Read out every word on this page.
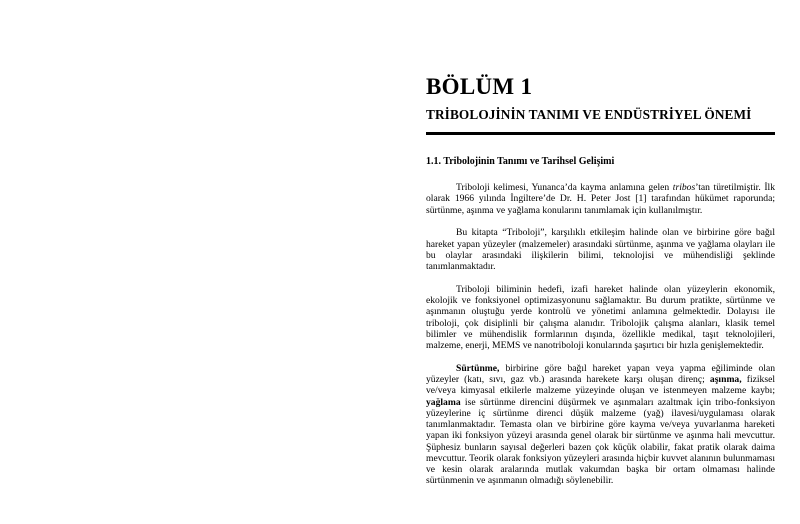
BÖLÜM 1
TRİBOLOJİNİN TANIMI VE ENDÜSTRİYEL ÖNEMİ
1.1. Tribolojinin Tanımı ve Tarihsel Gelişimi

Triboloji kelimesi, Yunanca’da kayma anlamına gelen tribos’tan türetilmiştir. İlk olarak 1966 yılında İngiltere’de Dr. H. Peter Jost [1] tarafından hükümet raporunda; sürtünme, aşınma ve yağlama konularını tanımlamak için kullanılmıştır.

Bu kitapta “Triboloji”, karşılıklı etkileşim halinde olan ve birbirine göre bağıl hareket yapan yüzeyler (malzemeler) arasındaki sürtünme, aşınma ve yağlama olayları ile bu olaylar arasındaki ilişkilerin bilimi, teknolojisi ve mühendisliği şeklinde tanımlanmaktadır.

Triboloji biliminin hedefi, izafi hareket halinde olan yüzeylerin ekonomik, ekolojik ve fonksiyonel optimizasyonunu sağlamaktır. Bu durum pratikte, sürtünme ve aşınmanın oluştuğu yerde kontrolü ve yönetimi anlamına gelmektedir. Dolayısı ile triboloji, çok disiplinli bir çalışma alanıdır. Tribolojik çalışma alanları, klasik temel bilimler ve mühendislik formlarının dışında, özellikle medikal, taşıt teknolojileri, malzeme, enerji, MEMS ve nanotriboloji konularında şaşırtıcı bir hızla genişlemektedir.

Sürtünme, birbirine göre bağıl hareket yapan veya yapma eğiliminde olan yüzeyler (katı, sıvı, gaz vb.) arasında harekete karşı oluşan direnç; aşınma, fiziksel ve/veya kimyasal etkilerle malzeme yüzeyinde oluşan ve istenmeyen malzeme kaybı; yağlama ise sürtünme direncini düşürmek ve aşınmaları azaltmak için tribo-fonksiyon yüzeylerine iç sürtünme direnci düşük malzeme (yağ) ilavesi/uygulaması olarak tanımlanmaktadır. Temasta olan ve birbirine göre kayma ve/veya yuvarlanma hareketi yapan iki fonksiyon yüzeyi arasında genel olarak bir sürtünme ve aşınma hali mevcuttur. Şüphesiz bunların sayısal değerleri bazen çok küçük olabilir, fakat pratik olarak daima mevcuttur. Teorik olarak fonksiyon yüzeyleri arasında hiçbir kuvvet alanının bulunmaması ve kesin olarak aralarında mutlak vakumdan başka bir ortam olmaması halinde sürtünmenin ve aşınmanın olmadığı söylenebilir.
